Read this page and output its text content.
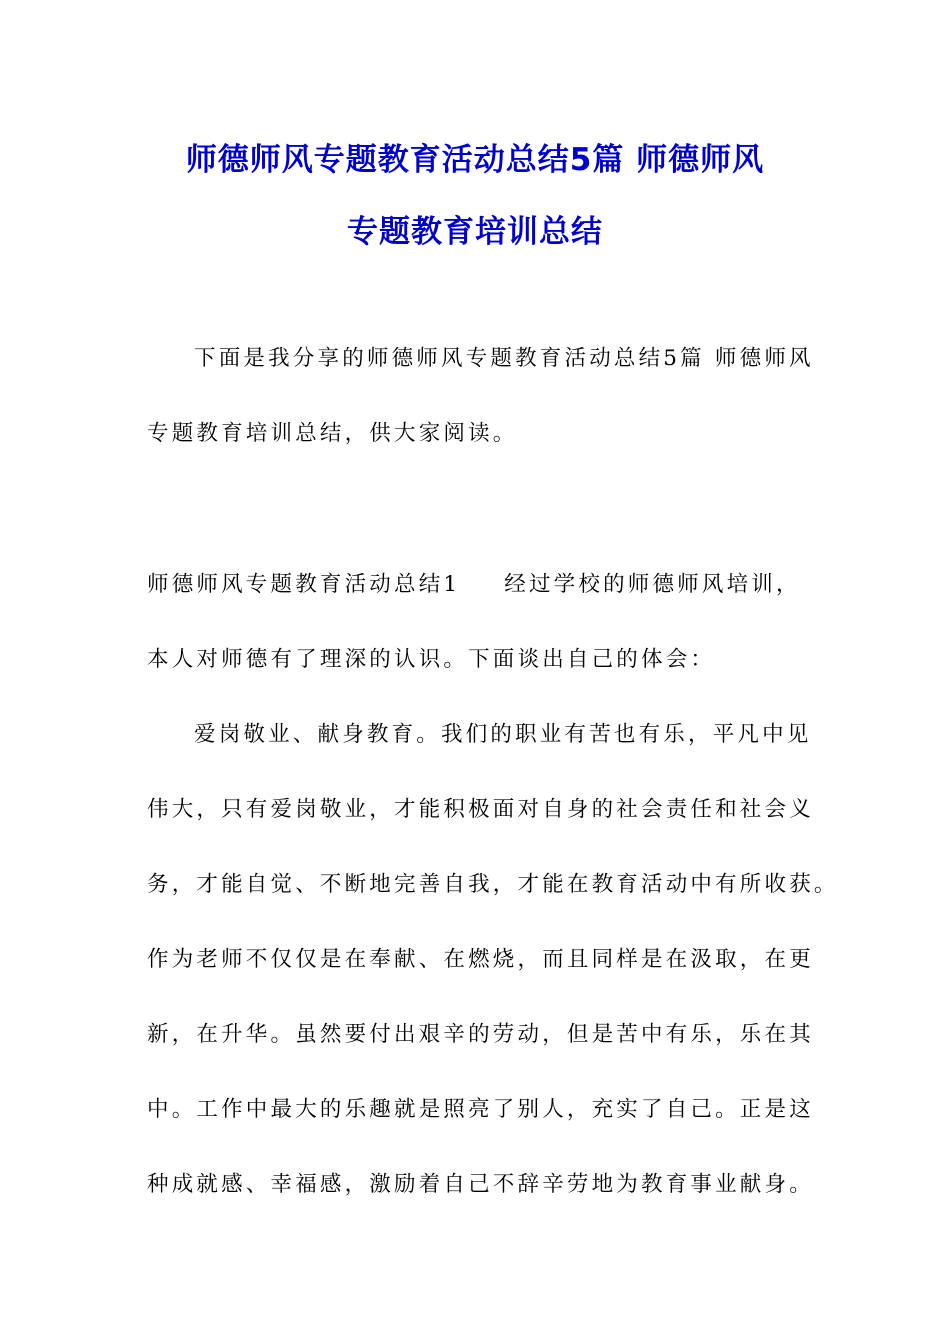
师德师风专题教育活动总结5篇 师德师风
专题教育培训总结
下面是我分享的师德师风专题教育活动总结5篇 师德师风
专题教育培训总结，供大家阅读。
师德师风专题教育活动总结1 经过学校的师德师风培训，
本人对师德有了理深的认识。下面谈出自己的体会：
爱岗敬业、献身教育。我们的职业有苦也有乐，平凡中见
伟大，只有爱岗敬业，才能积极面对自身的社会责任和社会义
务，才能自觉、不断地完善自我，才能在教育活动中有所收获。
作为老师不仅仅是在奉献、在燃烧，而且同样是在汲取，在更
新，在升华。虽然要付出艰辛的劳动，但是苦中有乐，乐在其
中。工作中最大的乐趣就是照亮了别人，充实了自己。正是这
种成就感、幸福感，激励着自己不辞辛劳地为教育事业献身。
